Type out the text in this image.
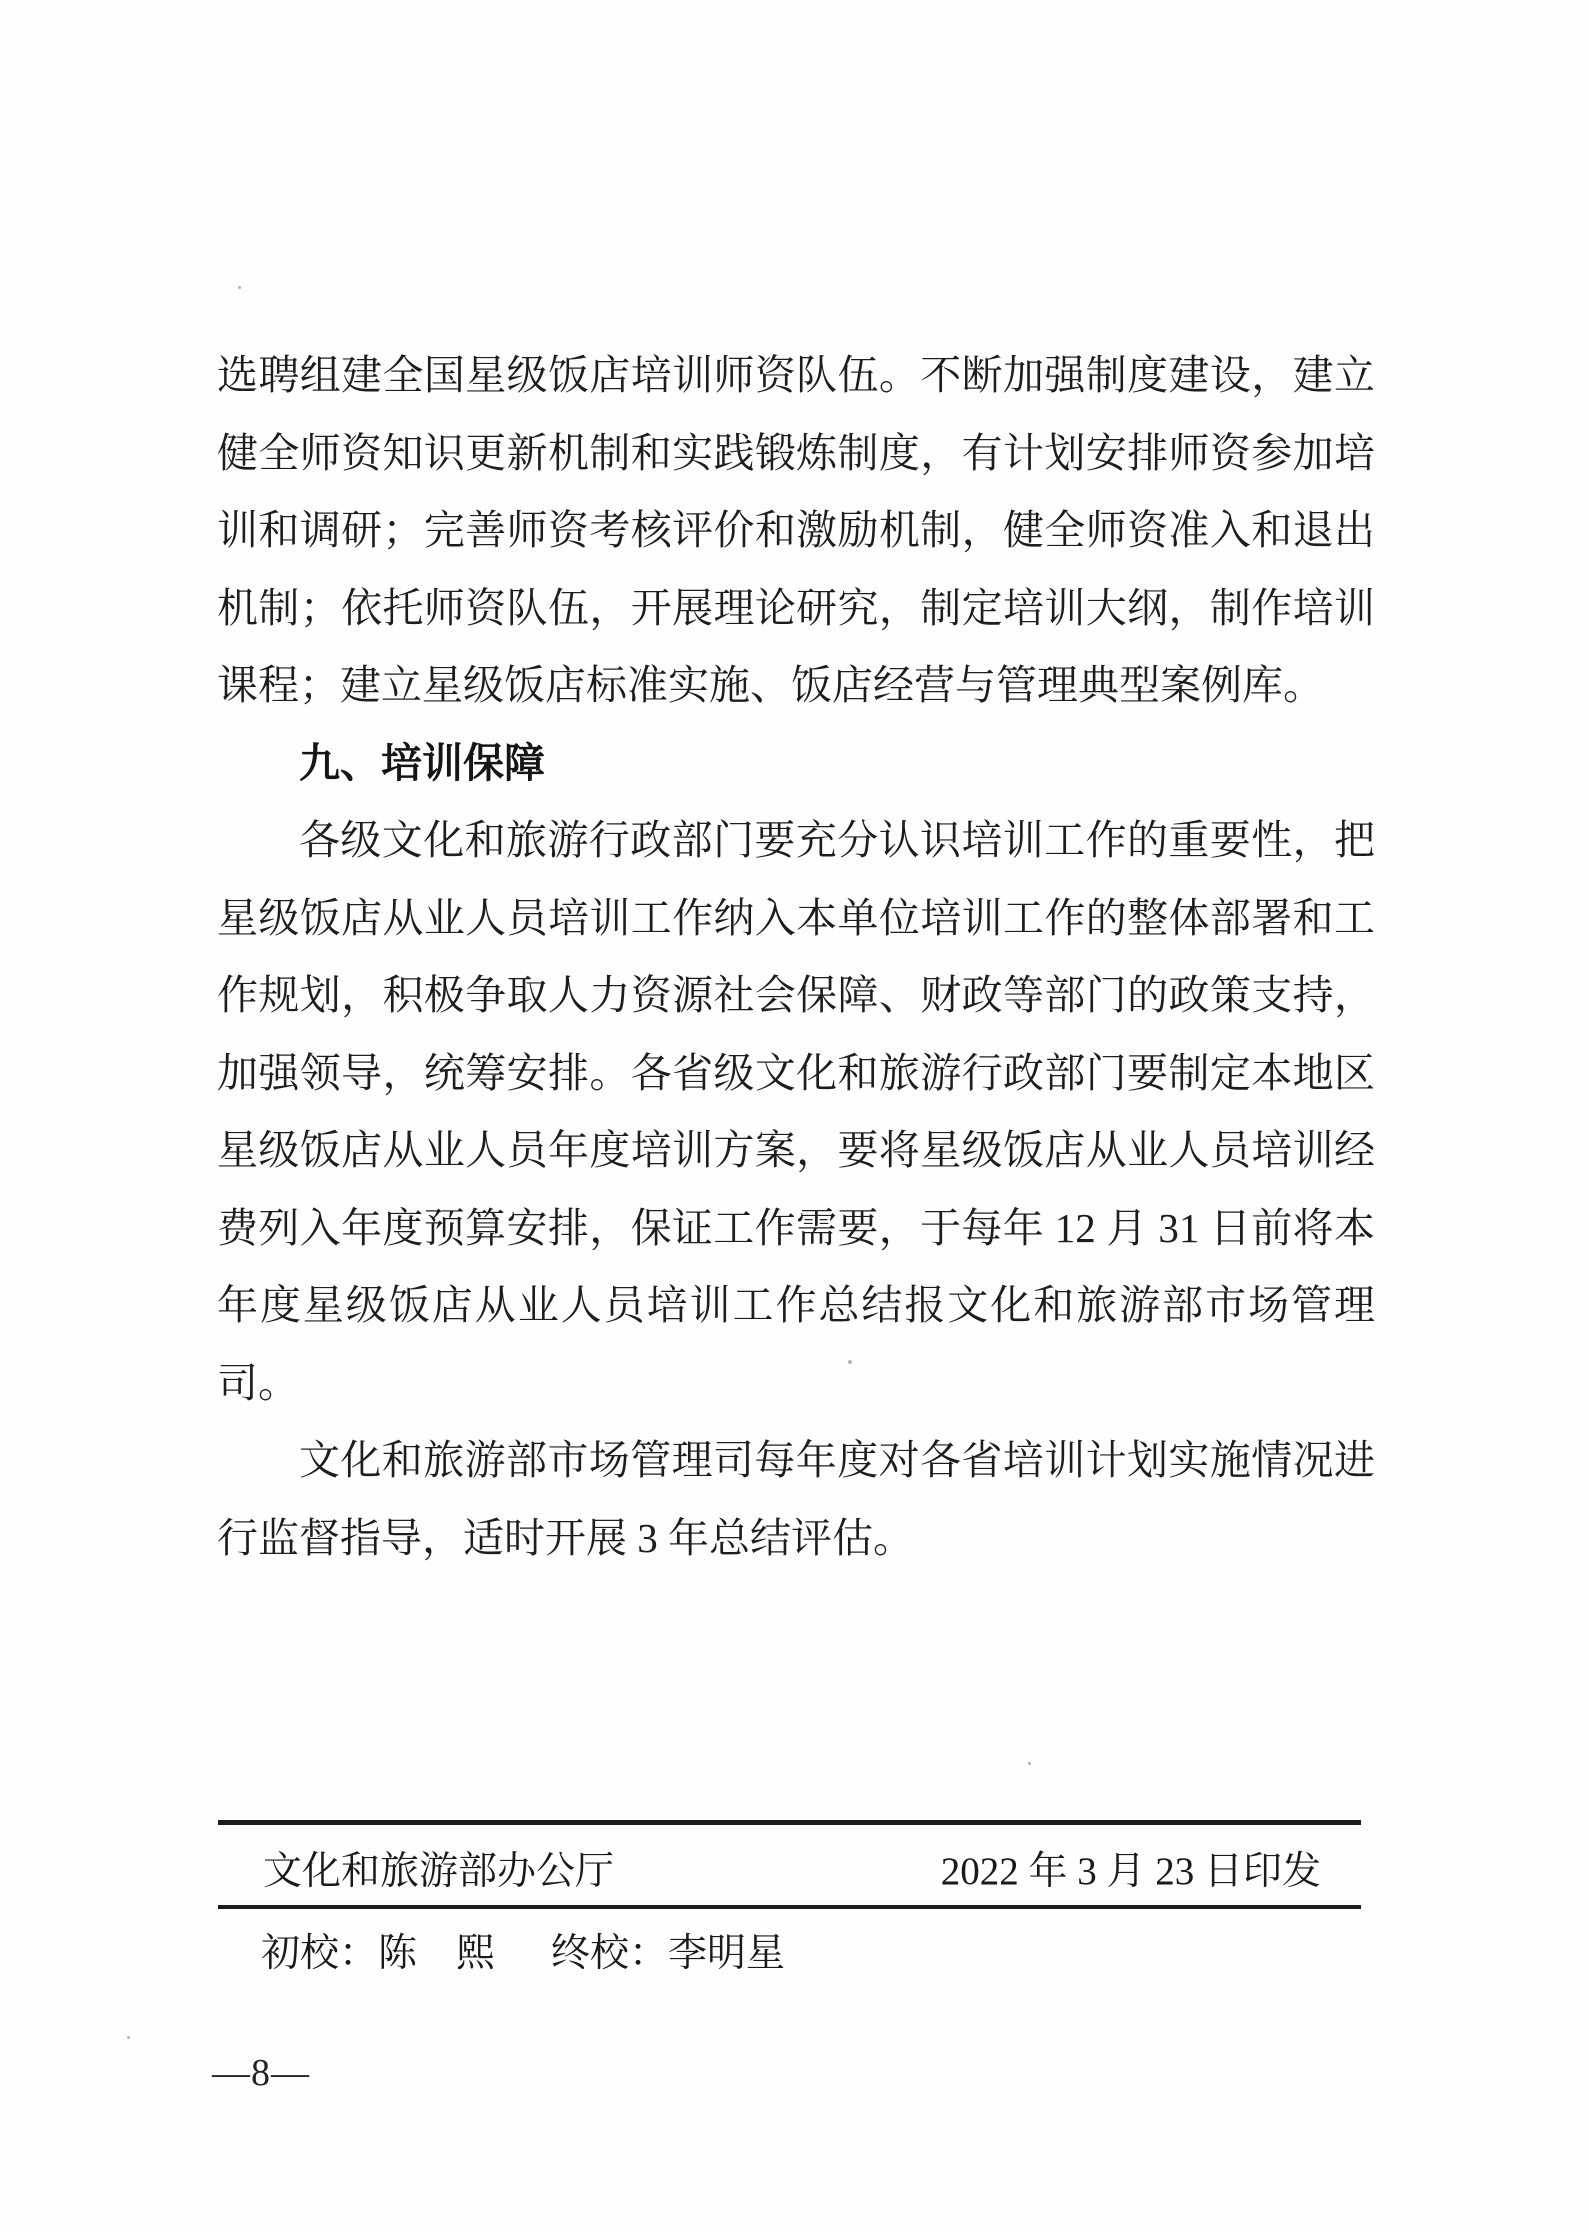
选聘组建全国星级饭店培训师资队伍。不断加强制度建设，建立健全师资知识更新机制和实践锻炼制度，有计划安排师资参加培训和调研；完善师资考核评价和激励机制，健全师资准入和退出机制；依托师资队伍，开展理论研究，制定培训大纲，制作培训课程；建立星级饭店标准实施、饭店经营与管理典型案例库。

九、培训保障

各级文化和旅游行政部门要充分认识培训工作的重要性，把星级饭店从业人员培训工作纳入本单位培训工作的整体部署和工作规划，积极争取人力资源社会保障、财政等部门的政策支持，加强领导，统筹安排。各省级文化和旅游行政部门要制定本地区星级饭店从业人员年度培训方案，要将星级饭店从业人员培训经费列入年度预算安排，保证工作需要，于每年 12 月 31 日前将本年度星级饭店从业人员培训工作总结报文化和旅游部市场管理司。

文化和旅游部市场管理司每年度对各省培训计划实施情况进行监督指导，适时开展 3 年总结评估。

文化和旅游部办公厅	2022 年 3 月 23 日印发
初校： 陈　熙 终校： 李明星
—8—
